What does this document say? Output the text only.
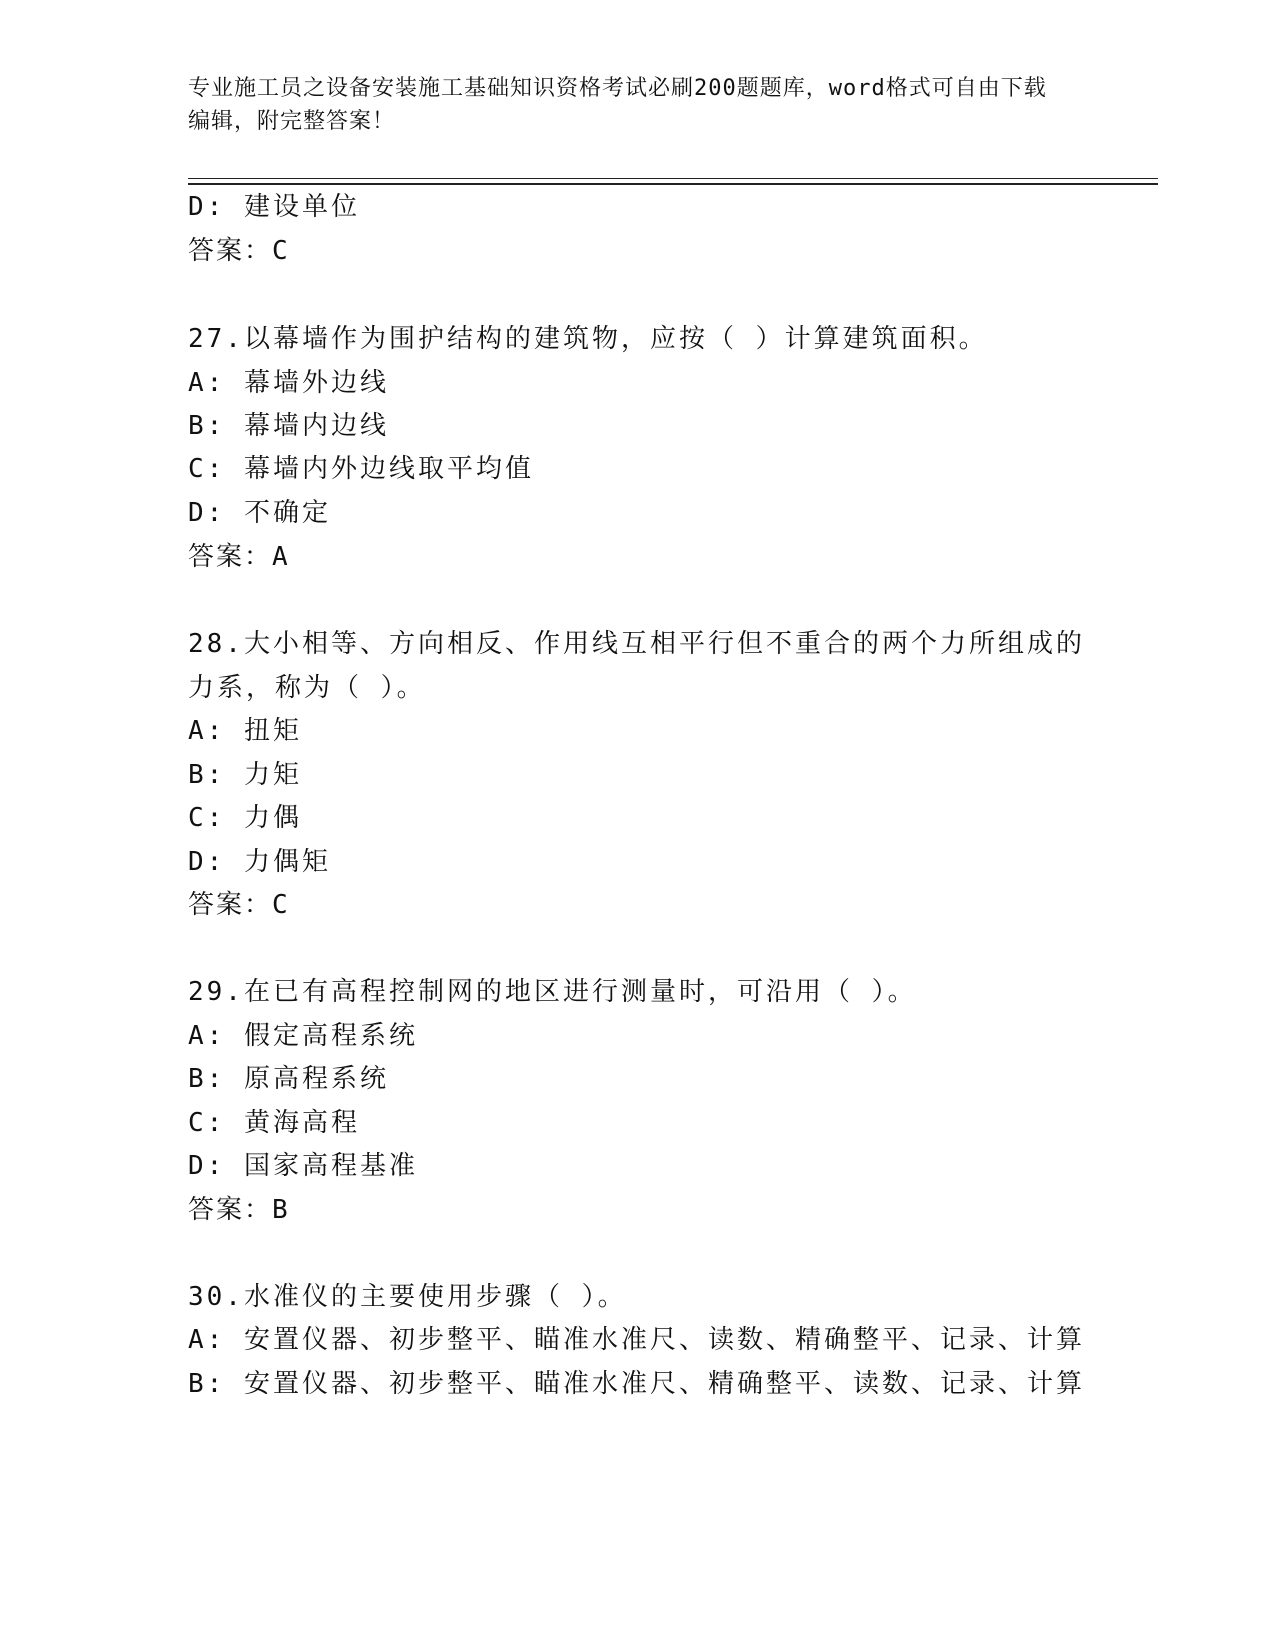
专业施工员之设备安装施工基础知识资格考试必刷200题题库，word格式可自由下载编辑，附完整答案！
D: 建设单位
答案：C
27.以幕墙作为围护结构的建筑物，应按（ ）计算建筑面积。
A: 幕墙外边线
B: 幕墙内边线
C: 幕墙内外边线取平均值
D: 不确定
答案：A
28.大小相等、方向相反、作用线互相平行但不重合的两个力所组成的
力系，称为（ ）。
A: 扭矩
B: 力矩
C: 力偶
D: 力偶矩
答案：C
29.在已有高程控制网的地区进行测量时，可沿用（ ）。
A: 假定高程系统
B: 原高程系统
C: 黄海高程
D: 国家高程基准
答案：B
30.水准仪的主要使用步骤（ ）。
A: 安置仪器、初步整平、瞄准水准尺、读数、精确整平、记录、计算
B: 安置仪器、初步整平、瞄准水准尺、精确整平、读数、记录、计算
